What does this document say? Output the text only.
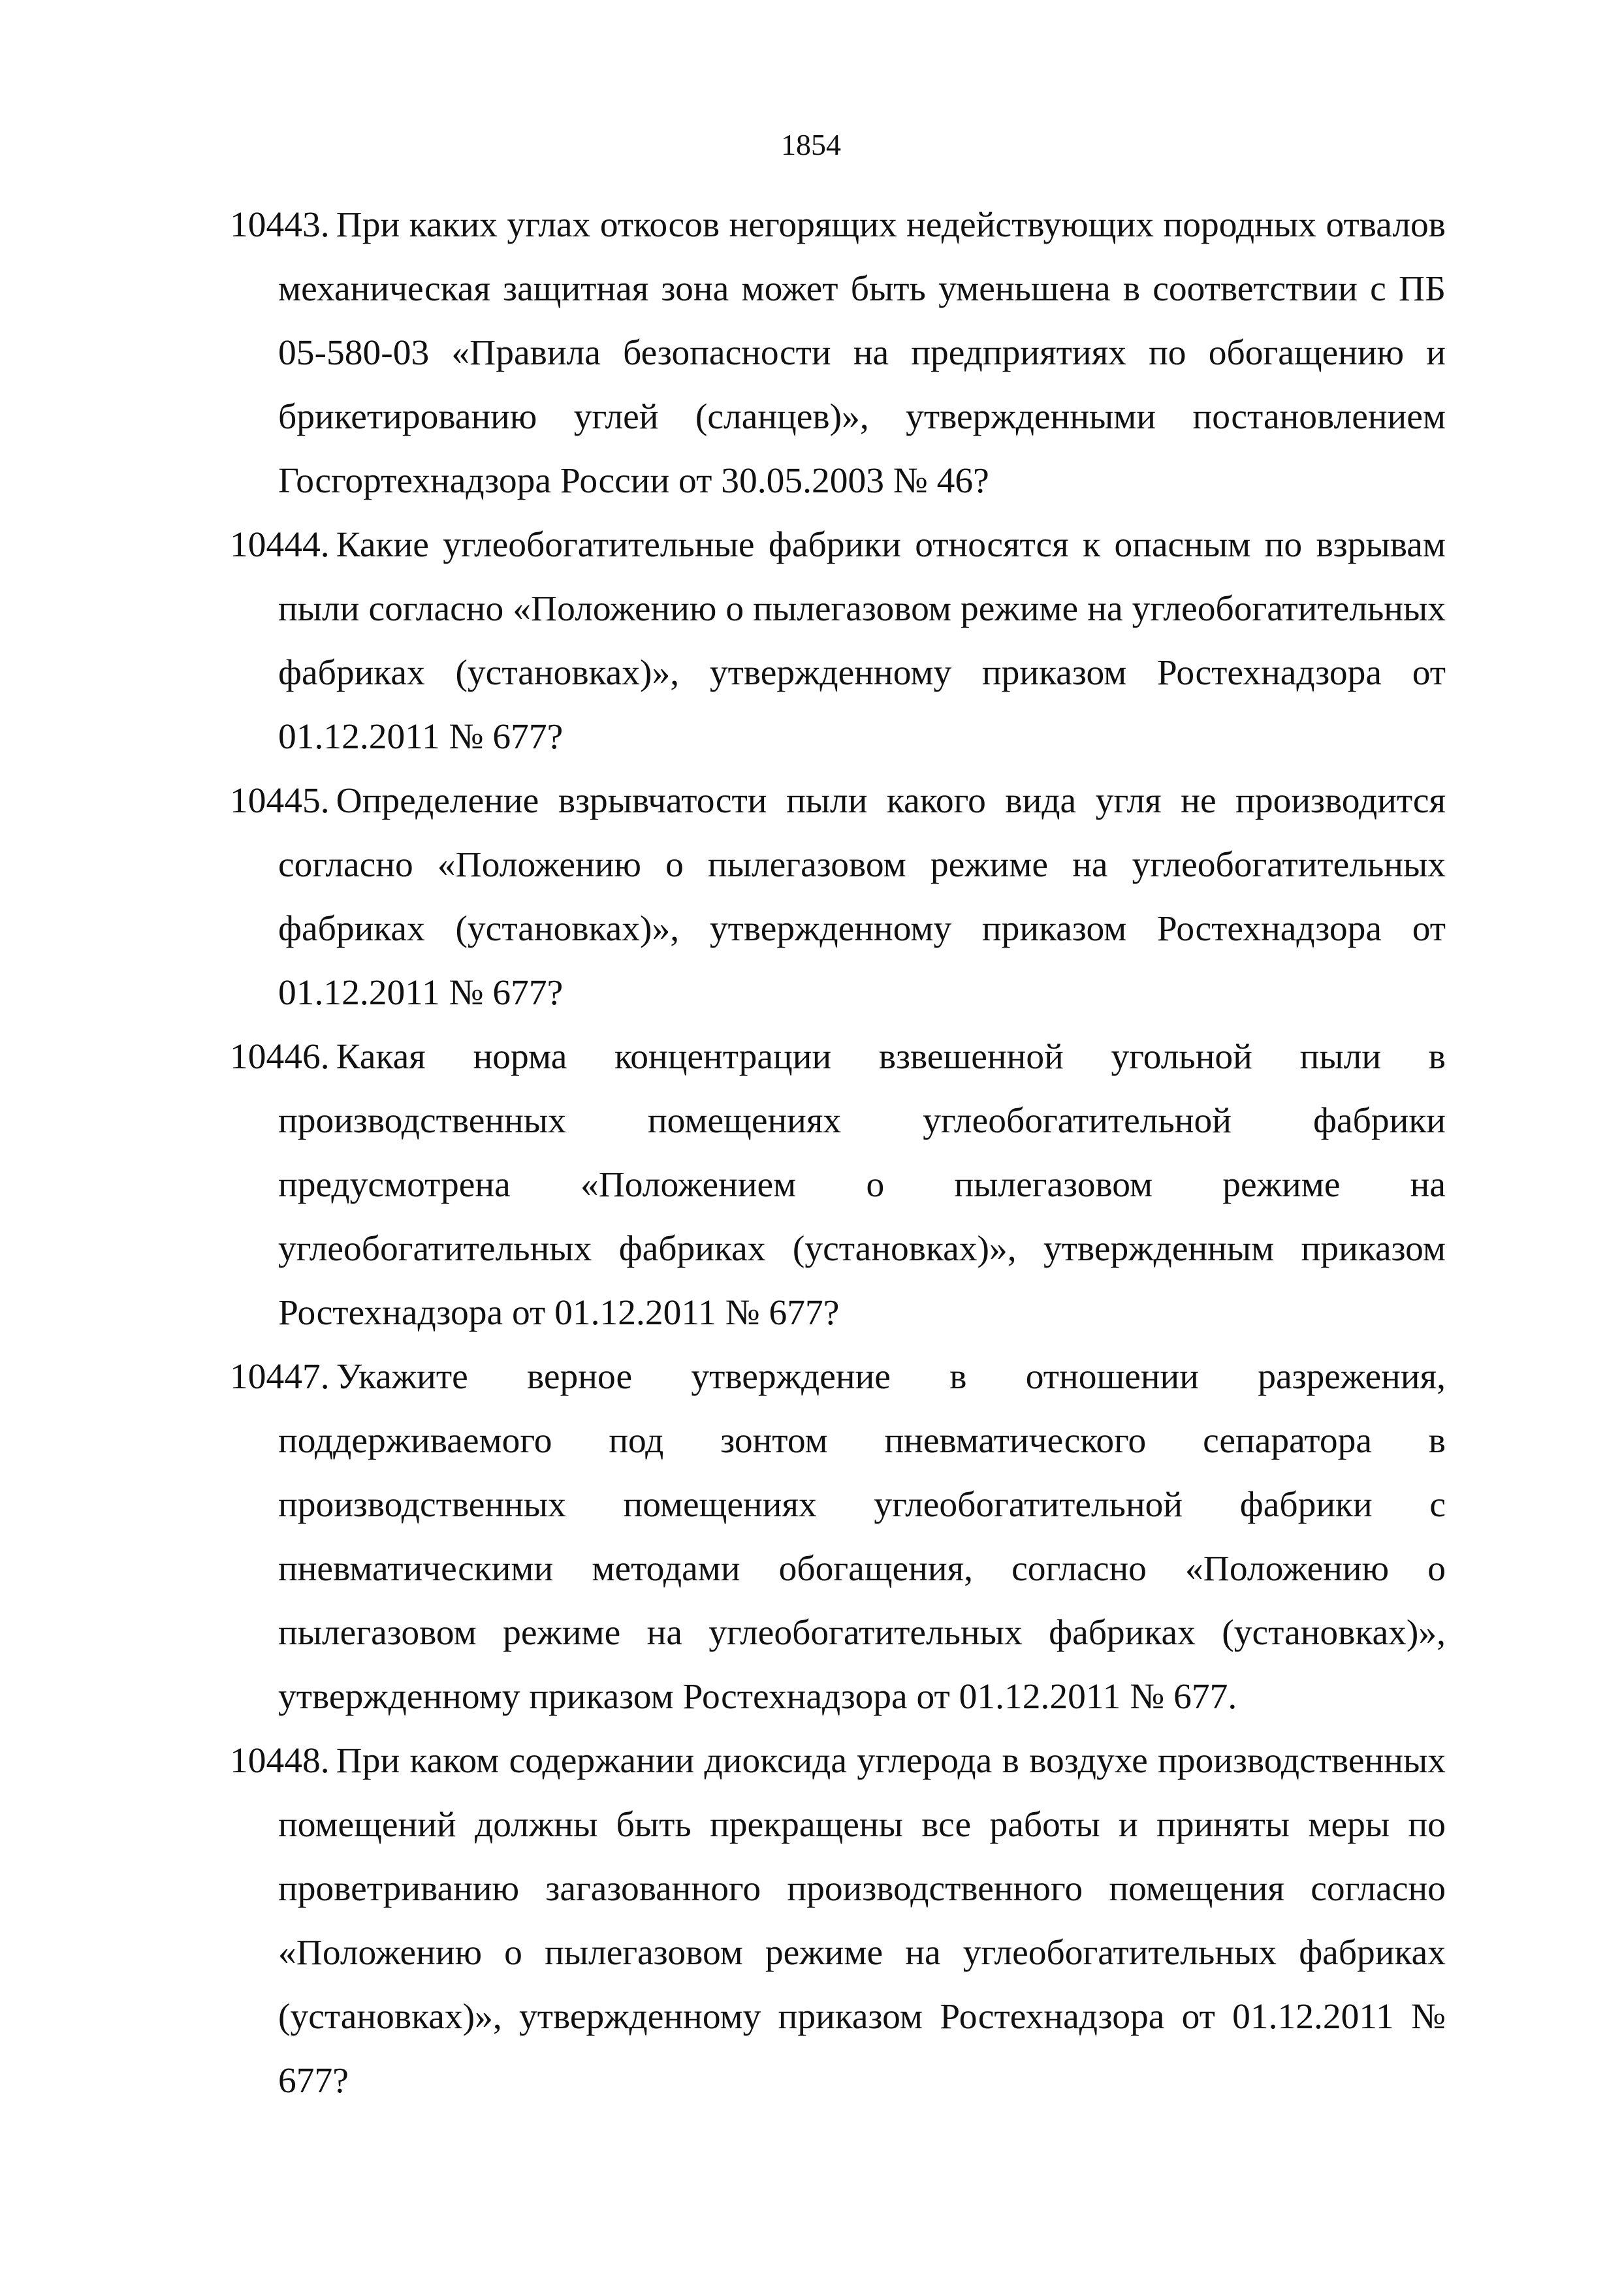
1854
10443. При каких углах откосов негорящих недействующих породных отвалов механическая защитная зона может быть уменьшена в соответствии с ПБ 05-580-03 «Правила безопасности на предприятиях по обогащению и брикетированию углей (сланцев)», утвержденными постановлением Госгортехнадзора России от 30.05.2003 № 46?
10444. Какие углеобогатительные фабрики относятся к опасным по взрывам пыли согласно «Положению о пылегазовом режиме на углеобогатительных фабриках (установках)», утвержденному приказом Ростехнадзора от 01.12.2011 № 677?
10445. Определение взрывчатости пыли какого вида угля не производится согласно «Положению о пылегазовом режиме на углеобогатительных фабриках (установках)», утвержденному приказом Ростехнадзора от 01.12.2011 № 677?
10446. Какая норма концентрации взвешенной угольной пыли в производственных помещениях углеобогатительной фабрики предусмотрена «Положением о пылегазовом режиме на углеобогатительных фабриках (установках)», утвержденным приказом Ростехнадзора от 01.12.2011 № 677?
10447. Укажите верное утверждение в отношении разрежения, поддерживаемого под зонтом пневматического сепаратора в производственных помещениях углеобогатительной фабрики с пневматическими методами обогащения, согласно «Положению о пылегазовом режиме на углеобогатительных фабриках (установках)», утвержденному приказом Ростехнадзора от 01.12.2011 № 677.
10448. При каком содержании диоксида углерода в воздухе производственных помещений должны быть прекращены все работы и приняты меры по проветриванию загазованного производственного помещения согласно «Положению о пылегазовом режиме на углеобогатительных фабриках (установках)», утвержденному приказом Ростехнадзора от 01.12.2011 № 677?
